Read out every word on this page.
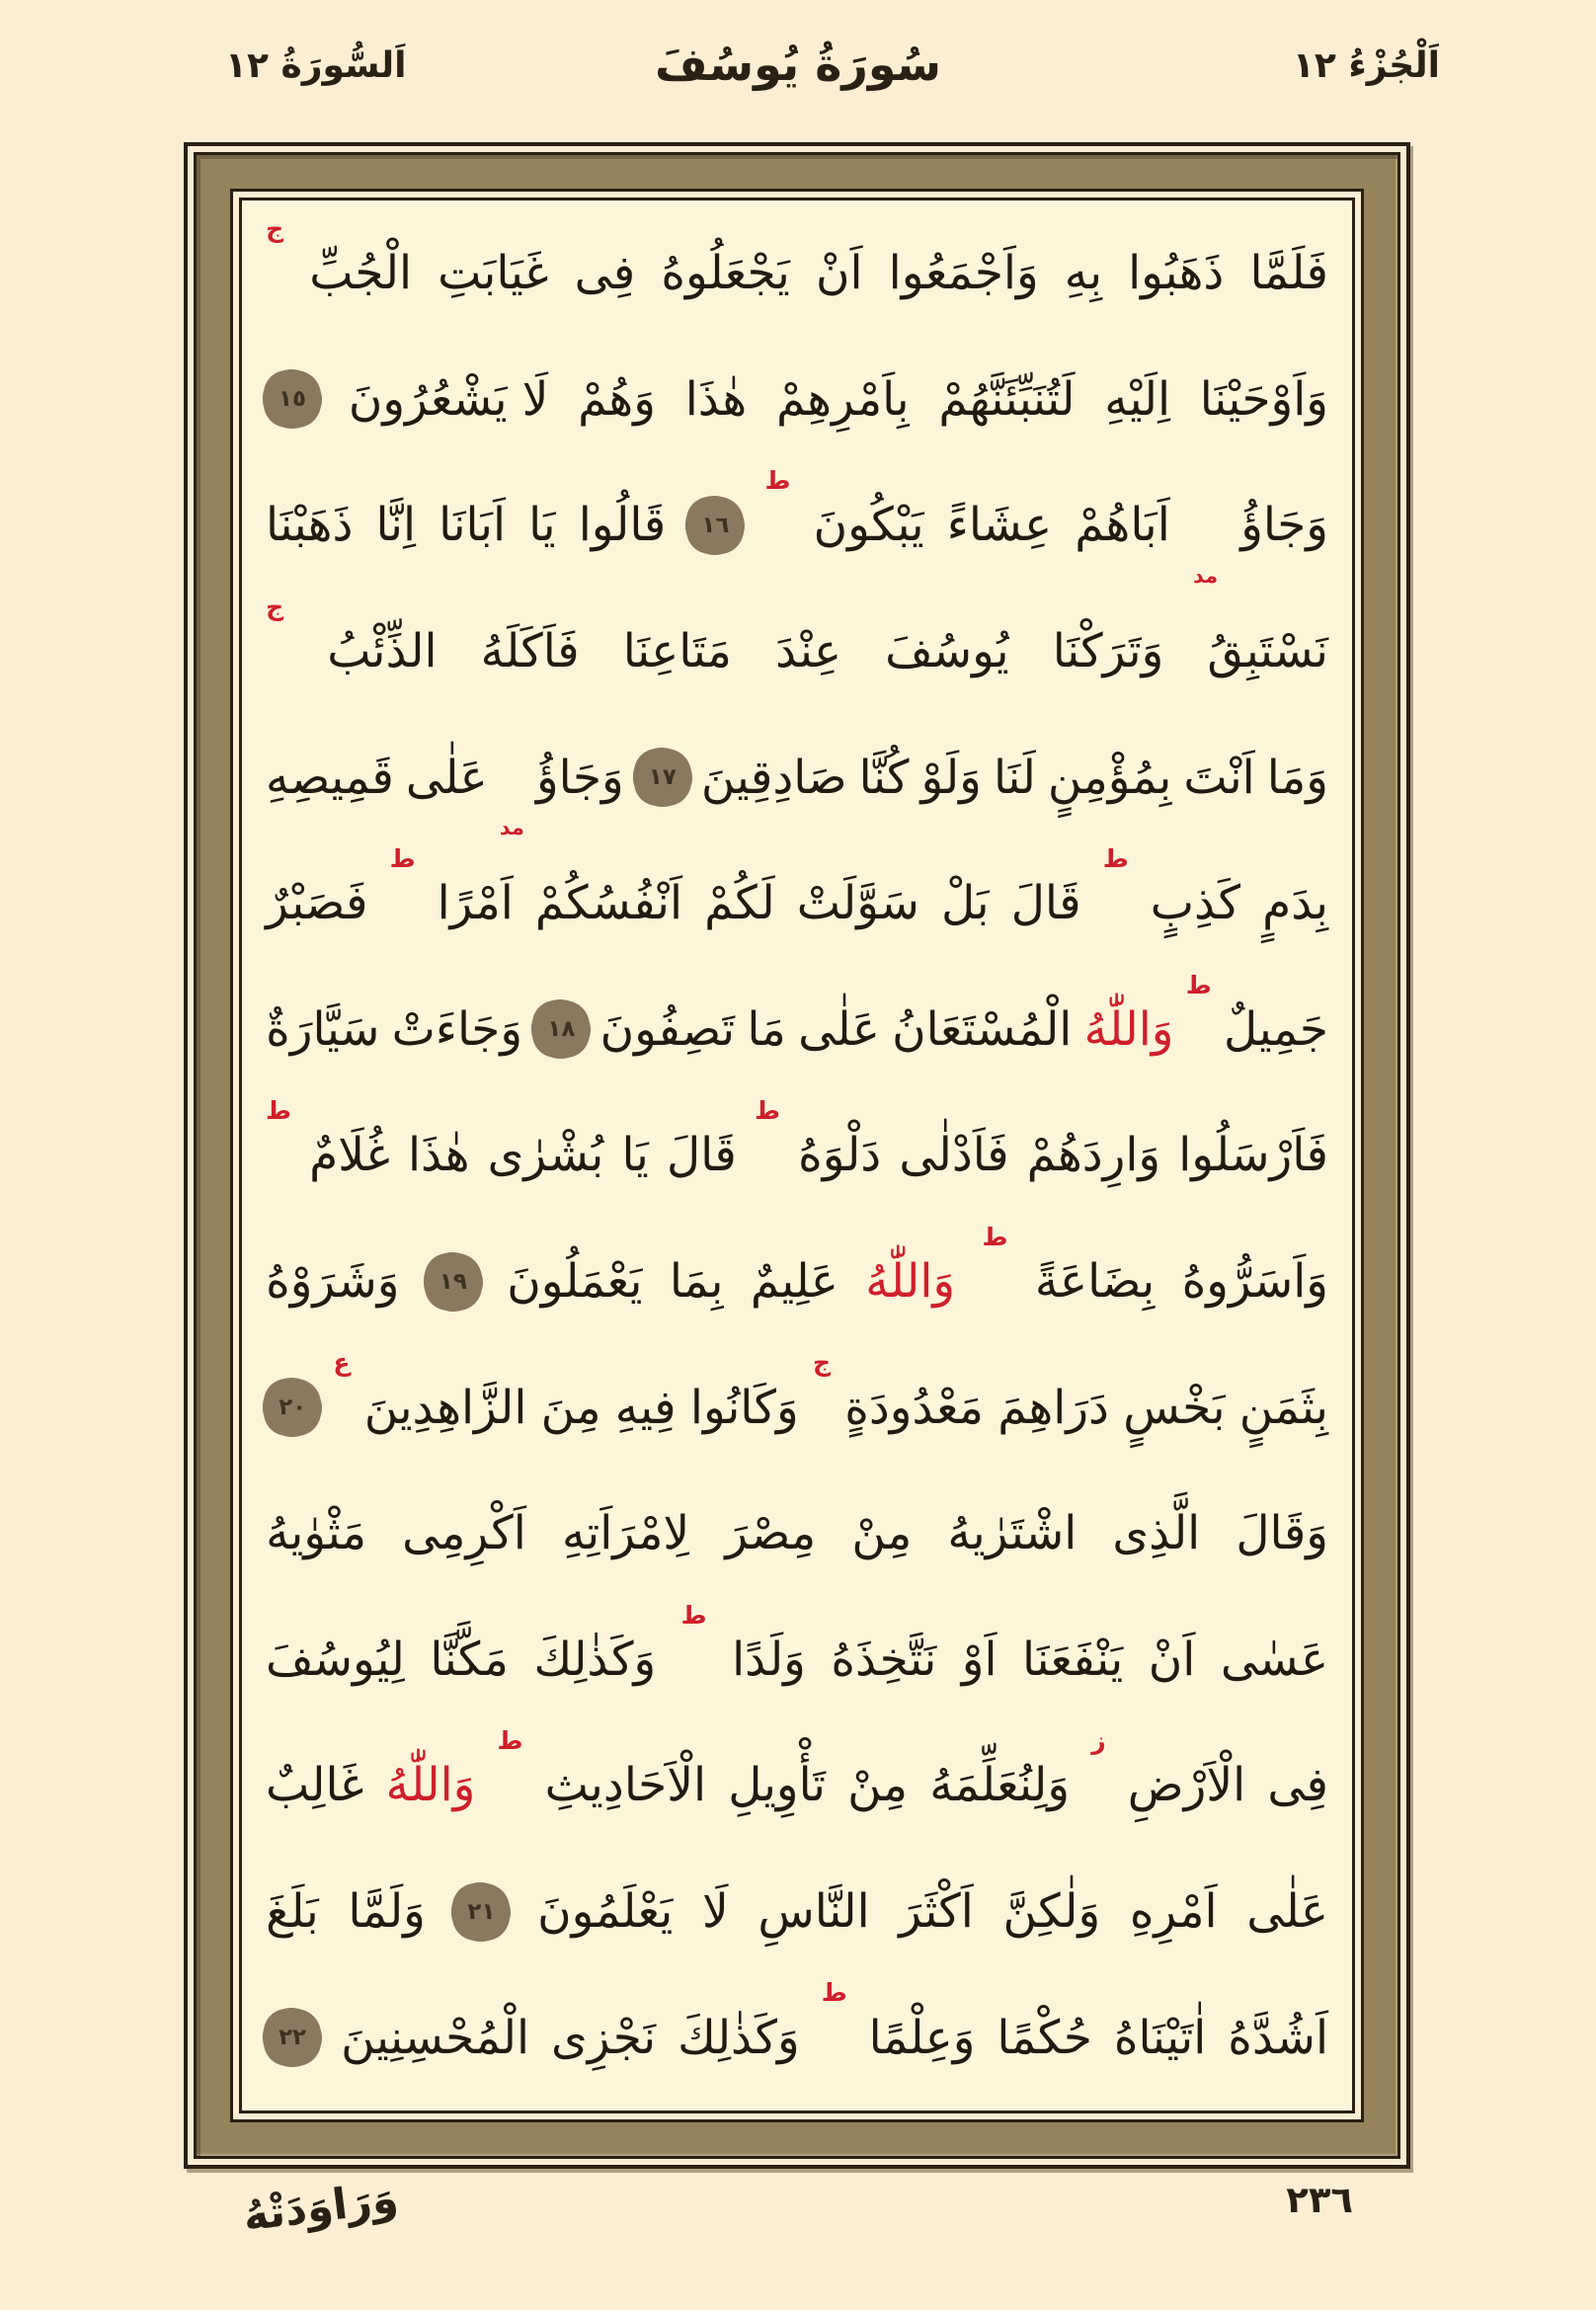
اَلسُّورَةُ ١٢	سُورَةُ يُوسُفَ	اَلْجُزْءُ ١٢
فَلَمَّا
ذَهَبُوا
بِهِ
وَاَجْمَعُوا
اَنْ
يَجْعَلُوهُ
فِى
غَيَابَتِ
الْجُبِّ
ج
وَاَوْحَيْنَا
اِلَيْهِ
لَتُنَبِّئَنَّهُمْ
بِاَمْرِهِمْ
هٰذَا
وَهُمْ
لَا يَشْعُرُونَ
١٥
وَجَاؤُ
مد
اَبَاهُمْ
عِشَاءً
يَبْكُونَ
ط
١٦
قَالُوا
يَا
اَبَانَا
اِنَّا
ذَهَبْنَا
نَسْتَبِقُ
وَتَرَكْنَا
يُوسُفَ
عِنْدَ
مَتَاعِنَا
فَاَكَلَهُ
الذِّئْبُ
ج
وَمَا
اَنْتَ
بِمُؤْمِنٍ
لَنَا
وَلَوْ
كُنَّا
صَادِقِينَ
١٧
وَجَاؤُ
مد
عَلٰى
قَمِيصِهِ
بِدَمٍ
كَذِبٍ
ط
قَالَ
بَلْ
سَوَّلَتْ
لَكُمْ
اَنْفُسُكُمْ
اَمْرًا
ط
فَصَبْرٌ
جَمِيلٌ
ط
وَاللّٰهُ
الْمُسْتَعَانُ
عَلٰى
مَا
تَصِفُونَ
١٨
وَجَاءَتْ
سَيَّارَةٌ
فَاَرْسَلُوا
وَارِدَهُمْ
فَاَدْلٰى
دَلْوَهُ
ط
قَالَ
يَا
بُشْرٰى
هٰذَا
غُلَامٌ
ط
وَاَسَرُّوهُ
بِضَاعَةً
ط
وَاللّٰهُ
عَلِيمٌ
بِمَا
يَعْمَلُونَ
١٩
وَشَرَوْهُ
بِثَمَنٍ
بَخْسٍ
دَرَاهِمَ
مَعْدُودَةٍ
ج
وَكَانُوا
فِيهِ
مِنَ
الزَّاهِدِينَ
ع
٢٠
وَقَالَ
الَّذِى
اشْتَرٰيهُ
مِنْ
مِصْرَ
لِامْرَاَتِهِ
اَكْرِمِى
مَثْوٰيهُ
عَسٰى
اَنْ
يَنْفَعَنَا
اَوْ
نَتَّخِذَهُ
وَلَدًا
ط
وَكَذٰلِكَ
مَكَّنَّا
لِيُوسُفَ
فِى
الْاَرْضِ
ز
وَلِنُعَلِّمَهُ
مِنْ
تَأْوِيلِ
الْاَحَادِيثِ
ط
وَاللّٰهُ
غَالِبٌ
عَلٰى
اَمْرِهِ
وَلٰكِنَّ
اَكْثَرَ
النَّاسِ
لَا
يَعْلَمُونَ
٢١
وَلَمَّا
بَلَغَ
اَشُدَّهُ
اٰتَيْنَاهُ
حُكْمًا
وَعِلْمًا
ط
وَكَذٰلِكَ
نَجْزِى
الْمُحْسِنِينَ
٢٢
٢٣٦
وَرَاوَدَتْهُ
